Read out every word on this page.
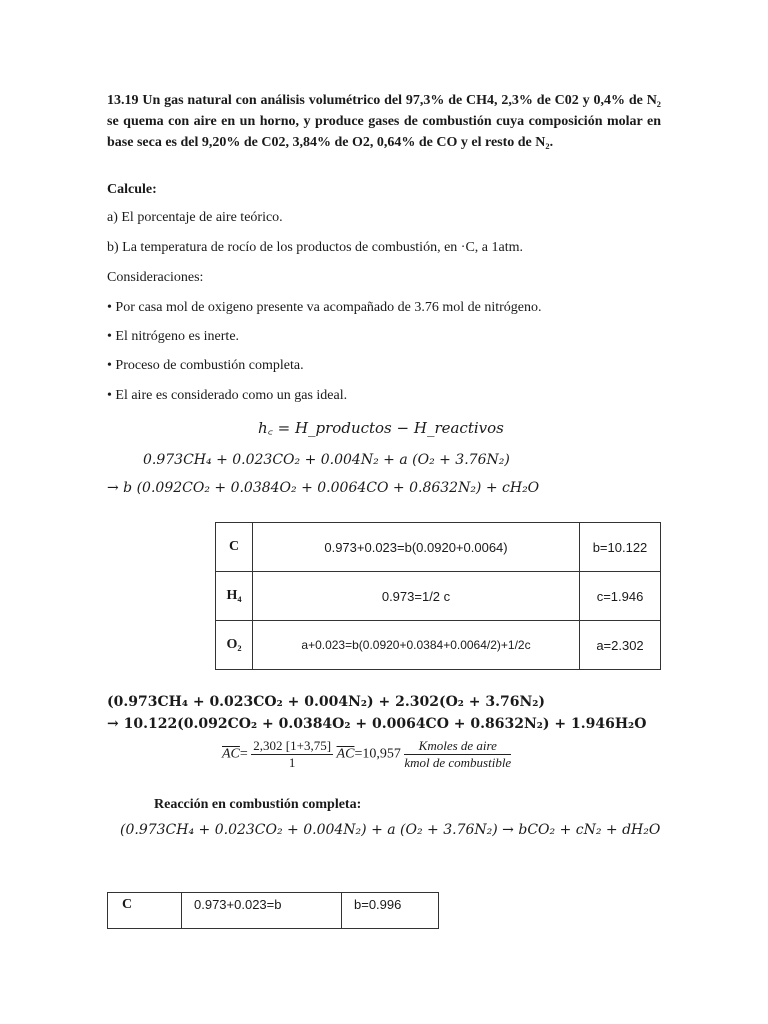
13.19 Un gas natural con análisis volumétrico del 97,3% de CH4, 2,3% de C02 y 0,4% de N₂ se quema con aire en un horno, y produce gases de combustión cuya composición molar en base seca es del 9,20% de C02, 3,84% de O2, 0,64% de CO y el resto de N₂.
Calcule:
a) El porcentaje de aire teórico.
b) La temperatura de rocío de los productos de combustión, en ·C, a 1atm.
Consideraciones:
• Por casa mol de oxigeno presente va acompañado de 3.76 mol de nitrógeno.
• El nitrógeno es inerte.
• Proceso de combustión completa.
• El aire es considerado como un gas ideal.
h꜀ = H_productos − H_reactivos
0.973CH₄ + 0.023CO₂ + 0.004N₂ + a (O₂ + 3.76N₂)
→ b (0.092CO₂ + 0.0384O₂ + 0.0064CO + 0.8632N₂) + cH₂O
C	0.973+0.023=b(0.0920+0.0064)	b=10.122
H₄	0.973=1/2 c	c=1.946
O₂	a+0.023=b(0.0920+0.0384+0.0064/2)+1/2c	a=2.302
(0.973CH₄ + 0.023CO₂ + 0.004N₂) + 2.302(O₂ + 3.76N₂)
→ 10.122(0.092CO₂ + 0.0384O₂ + 0.0064CO + 0.8632N₂) + 1.946H₂O
$\overline{AC}= \frac{2,302 [1+3,75]}{1} \overline{AC}=10,957 \frac{\text{Kmoles de aire}}{\text{kmol de combustible}}$
Reacción en combustión completa:
(0.973CH₄ + 0.023CO₂ + 0.004N₂) + a (O₂ + 3.76N₂) → bCO₂ + cN₂ + dH₂O
C	0.973+0.023=b	b=0.996
